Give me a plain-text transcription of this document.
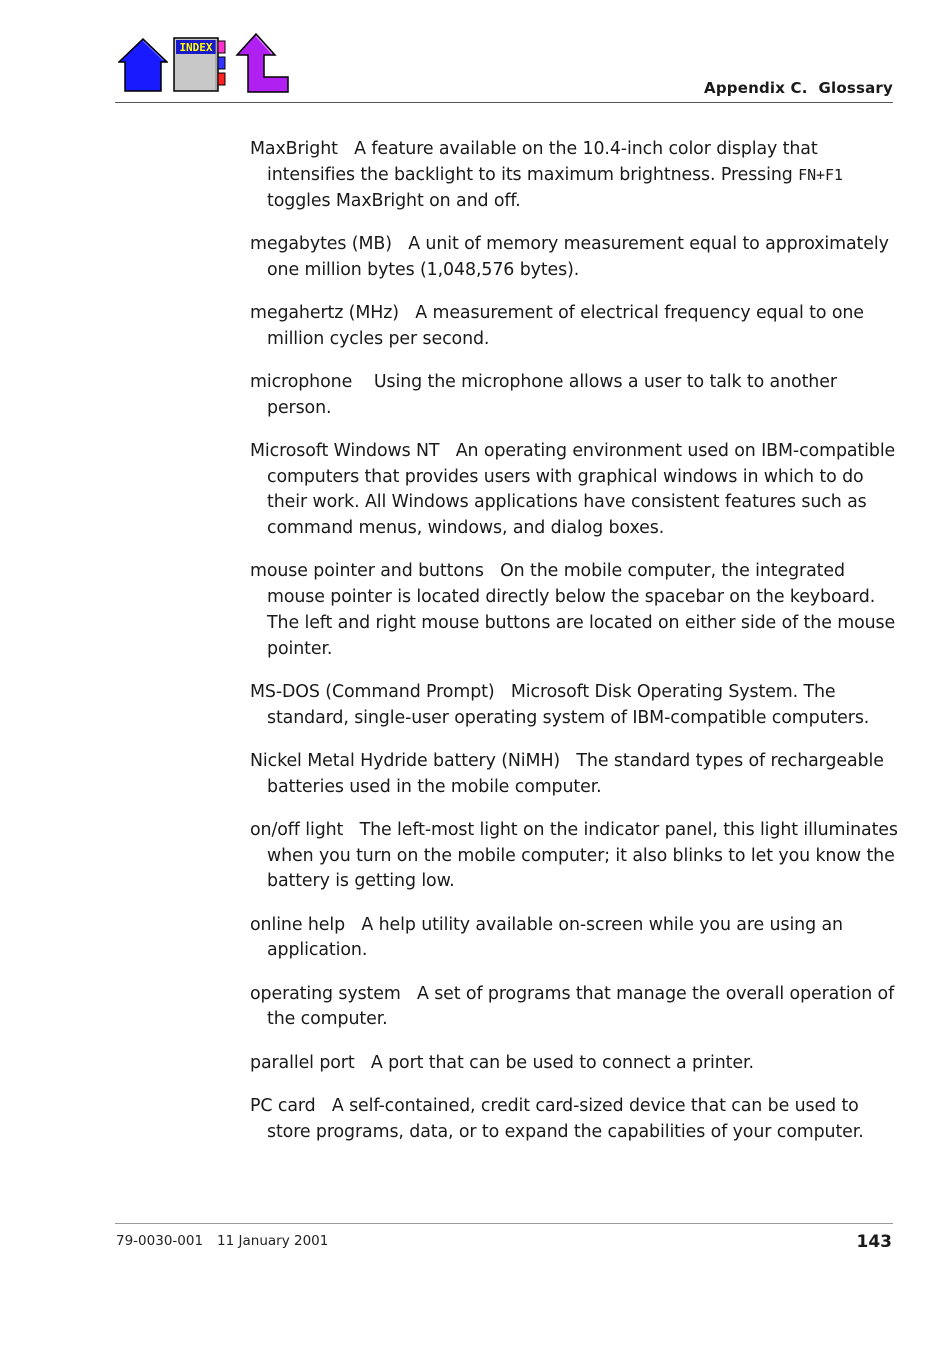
INDEX
Appendix C.  Glossary

MaxBright A feature available on the 10.4-inch color display that intensifies the backlight to its maximum brightness. Pressing FN+F1 toggles MaxBright on and off.

megabytes (MB) A unit of memory measurement equal to approximately one million bytes (1,048,576 bytes).

megahertz (MHz) A measurement of electrical frequency equal to one million cycles per second.

microphone Using the microphone allows a user to talk to another person.

Microsoft Windows NT An operating environment used on IBM-compatible computers that provides users with graphical windows in which to do their work. All Windows applications have consistent features such as command menus, windows, and dialog boxes.

mouse pointer and buttons On the mobile computer, the integrated mouse pointer is located directly below the spacebar on the keyboard. The left and right mouse buttons are located on either side of the mouse pointer.

MS-DOS (Command Prompt) Microsoft Disk Operating System. The standard, single-user operating system of IBM-compatible computers.

Nickel Metal Hydride battery (NiMH) The standard types of rechargeable batteries used in the mobile computer.

on/off light The left-most light on the indicator panel, this light illuminates when you turn on the mobile computer; it also blinks to let you know the battery is getting low.

online help A help utility available on-screen while you are using an application.

operating system A set of programs that manage the overall operation of the computer.

parallel port A port that can be used to connect a printer.

PC card A self-contained, credit card-sized device that can be used to store programs, data, or to expand the capabilities of your computer.

79-0030-001 11 January 2001	143
